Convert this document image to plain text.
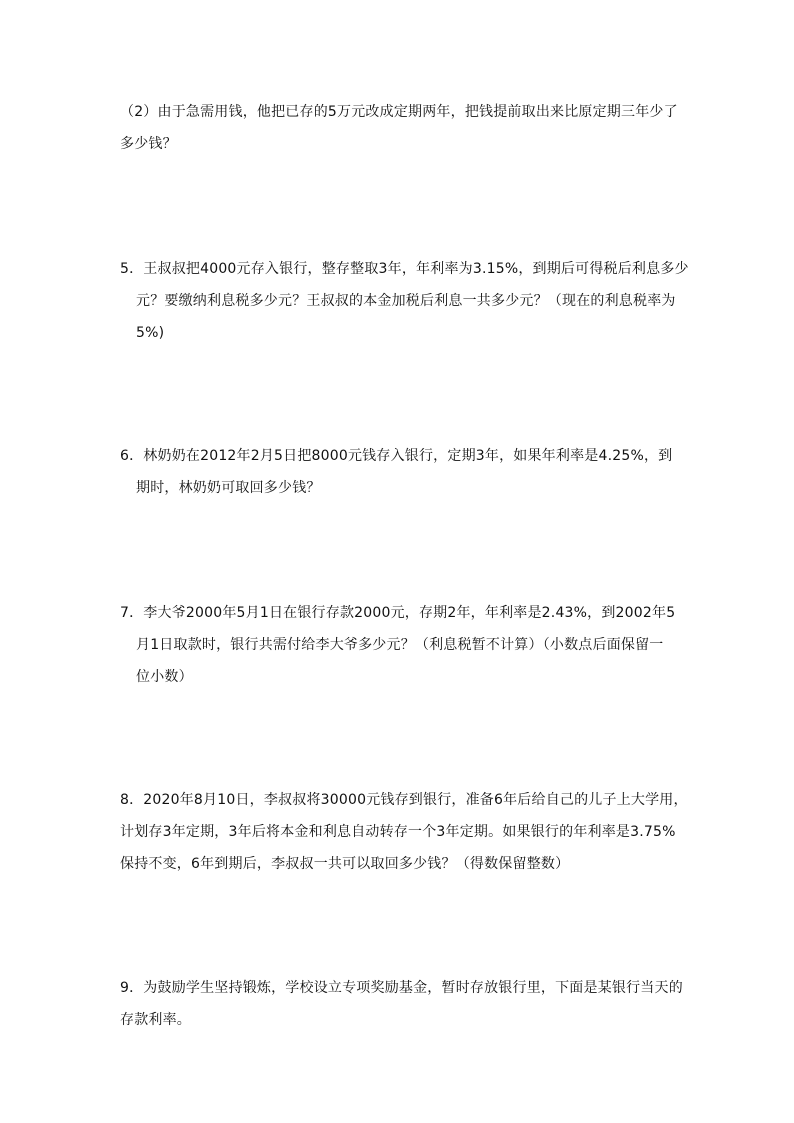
（2）由于急需用钱，他把已存的5万元改成定期两年，把钱提前取出来比原定期三年少了
多少钱？
5．王叔叔把4000元存入银行，整存整取3年，年利率为3.15%，到期后可得税后利息多少
元？要缴纳利息税多少元？王叔叔的本金加税后利息一共多少元？（现在的利息税率为
5%)
6．林奶奶在2012年2月5日把8000元钱存入银行，定期3年，如果年利率是4.25%，到
期时，林奶奶可取回多少钱？
7．李大爷2000年5月1日在银行存款2000元，存期2年，年利率是2.43%，到2002年5
月1日取款时，银行共需付给李大爷多少元？（利息税暂不计算）（小数点后面保留一
位小数）
8．2020年8月10日，李叔叔将30000元钱存到银行，准备6年后给自己的儿子上大学用，
计划存3年定期，3年后将本金和利息自动转存一个3年定期。如果银行的年利率是3.75%
保持不变，6年到期后，李叔叔一共可以取回多少钱？（得数保留整数）
9．为鼓励学生坚持锻炼，学校设立专项奖励基金，暂时存放银行里，下面是某银行当天的
存款利率。
